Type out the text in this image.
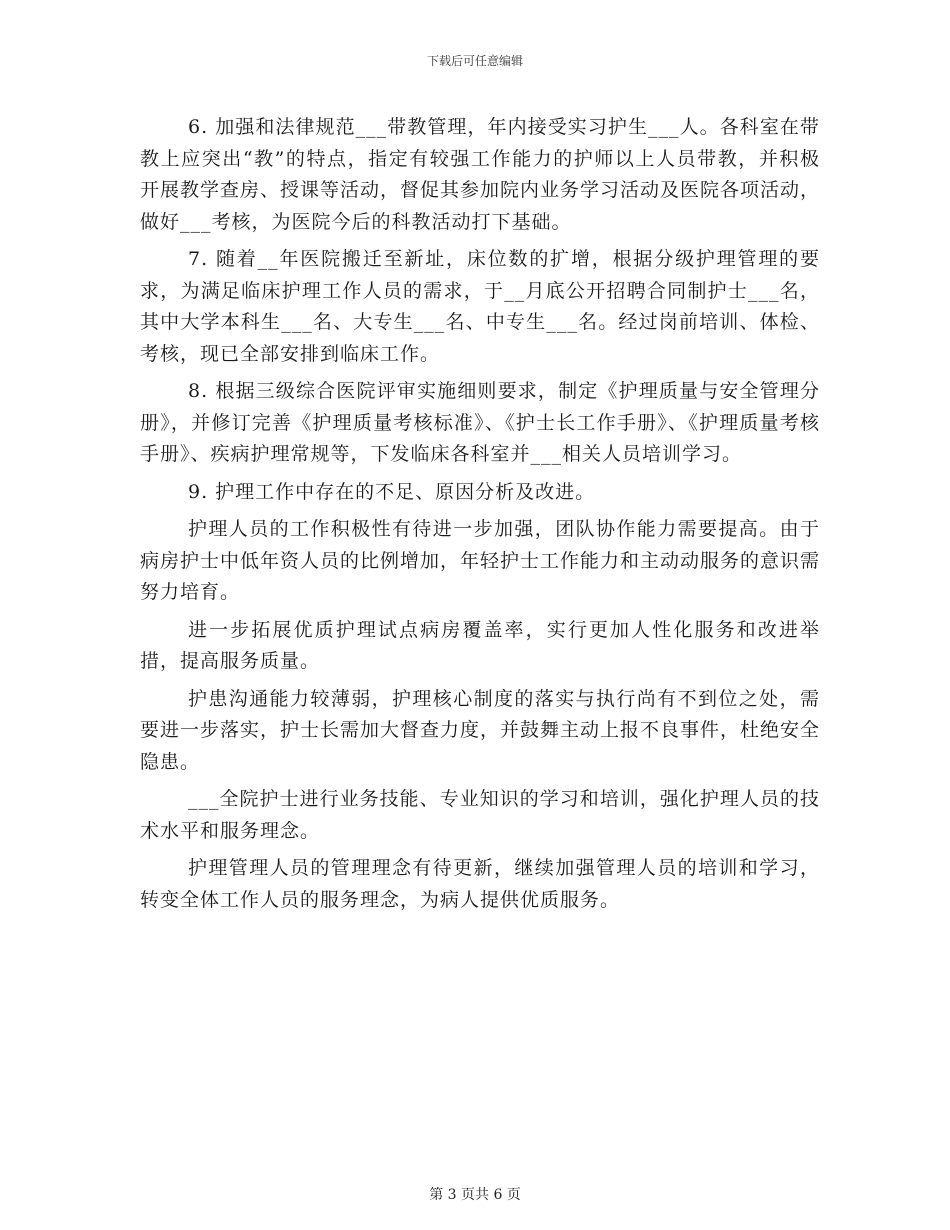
下载后可任意编辑

6. 加强和法律规范___带教管理，年内接受实习护生___人。各科室在带教上应突出“教”的特点，指定有较强工作能力的护师以上人员带教，并积极开展教学查房、授课等活动，督促其参加院内业务学习活动及医院各项活动，做好___考核，为医院今后的科教活动打下基础。

7. 随着__年医院搬迁至新址，床位数的扩增，根据分级护理管理的要求，为满足临床护理工作人员的需求，于__月底公开招聘合同制护士___名，其中大学本科生___名、大专生___名、中专生___名。经过岗前培训、体检、考核，现已全部安排到临床工作。

8. 根据三级综合医院评审实施细则要求，制定《护理质量与安全管理分册》，并修订完善《护理质量考核标准》、《护士长工作手册》、《护理质量考核手册》、疾病护理常规等，下发临床各科室并___相关人员培训学习。

9. 护理工作中存在的不足、原因分析及改进。

护理人员的工作积极性有待进一步加强，团队协作能力需要提高。由于病房护士中低年资人员的比例增加，年轻护士工作能力和主动动服务的意识需努力培育。

进一步拓展优质护理试点病房覆盖率，实行更加人性化服务和改进举措，提高服务质量。

护患沟通能力较薄弱，护理核心制度的落实与执行尚有不到位之处，需要进一步落实，护士长需加大督查力度，并鼓舞主动上报不良事件，杜绝安全隐患。

___全院护士进行业务技能、专业知识的学习和培训，强化护理人员的技术水平和服务理念。

护理管理人员的管理理念有待更新，继续加强管理人员的培训和学习，转变全体工作人员的服务理念，为病人提供优质服务。

第 3 页共 6 页
